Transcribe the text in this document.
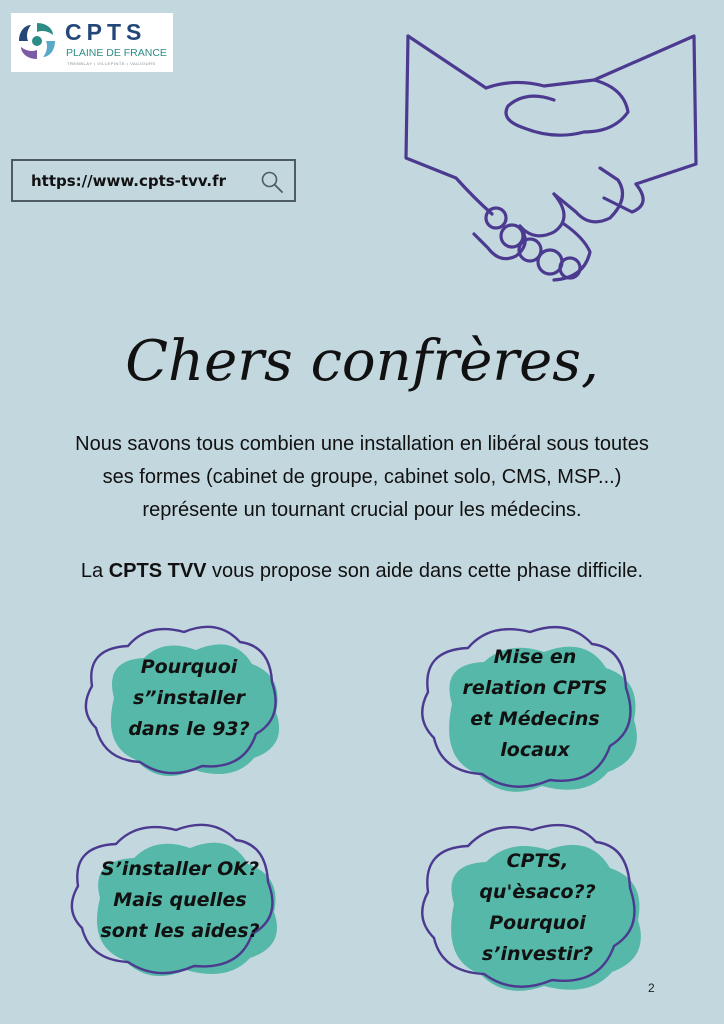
CPTS
PLAINE DE FRANCE
TREMBLAY • VILLEPINTE • VAUJOURS
https://www.cpts-tvv.fr
Chers confrères,

Nous savons tous combien une installation en libéral sous toutes

ses formes (cabinet de groupe, cabinet solo, CMS, MSP...)

représente un tournant crucial pour les médecins.

La CPTS TVV vous propose son aide dans cette phase difficile.
Pourquoi
s”installer
dans le 93?
Mise en
relation CPTS
et Médecins
locaux
S’installer OK?
Mais quelles
sont les aides?
CPTS,
qu'èsaco??
Pourquoi
s’investir?
2
